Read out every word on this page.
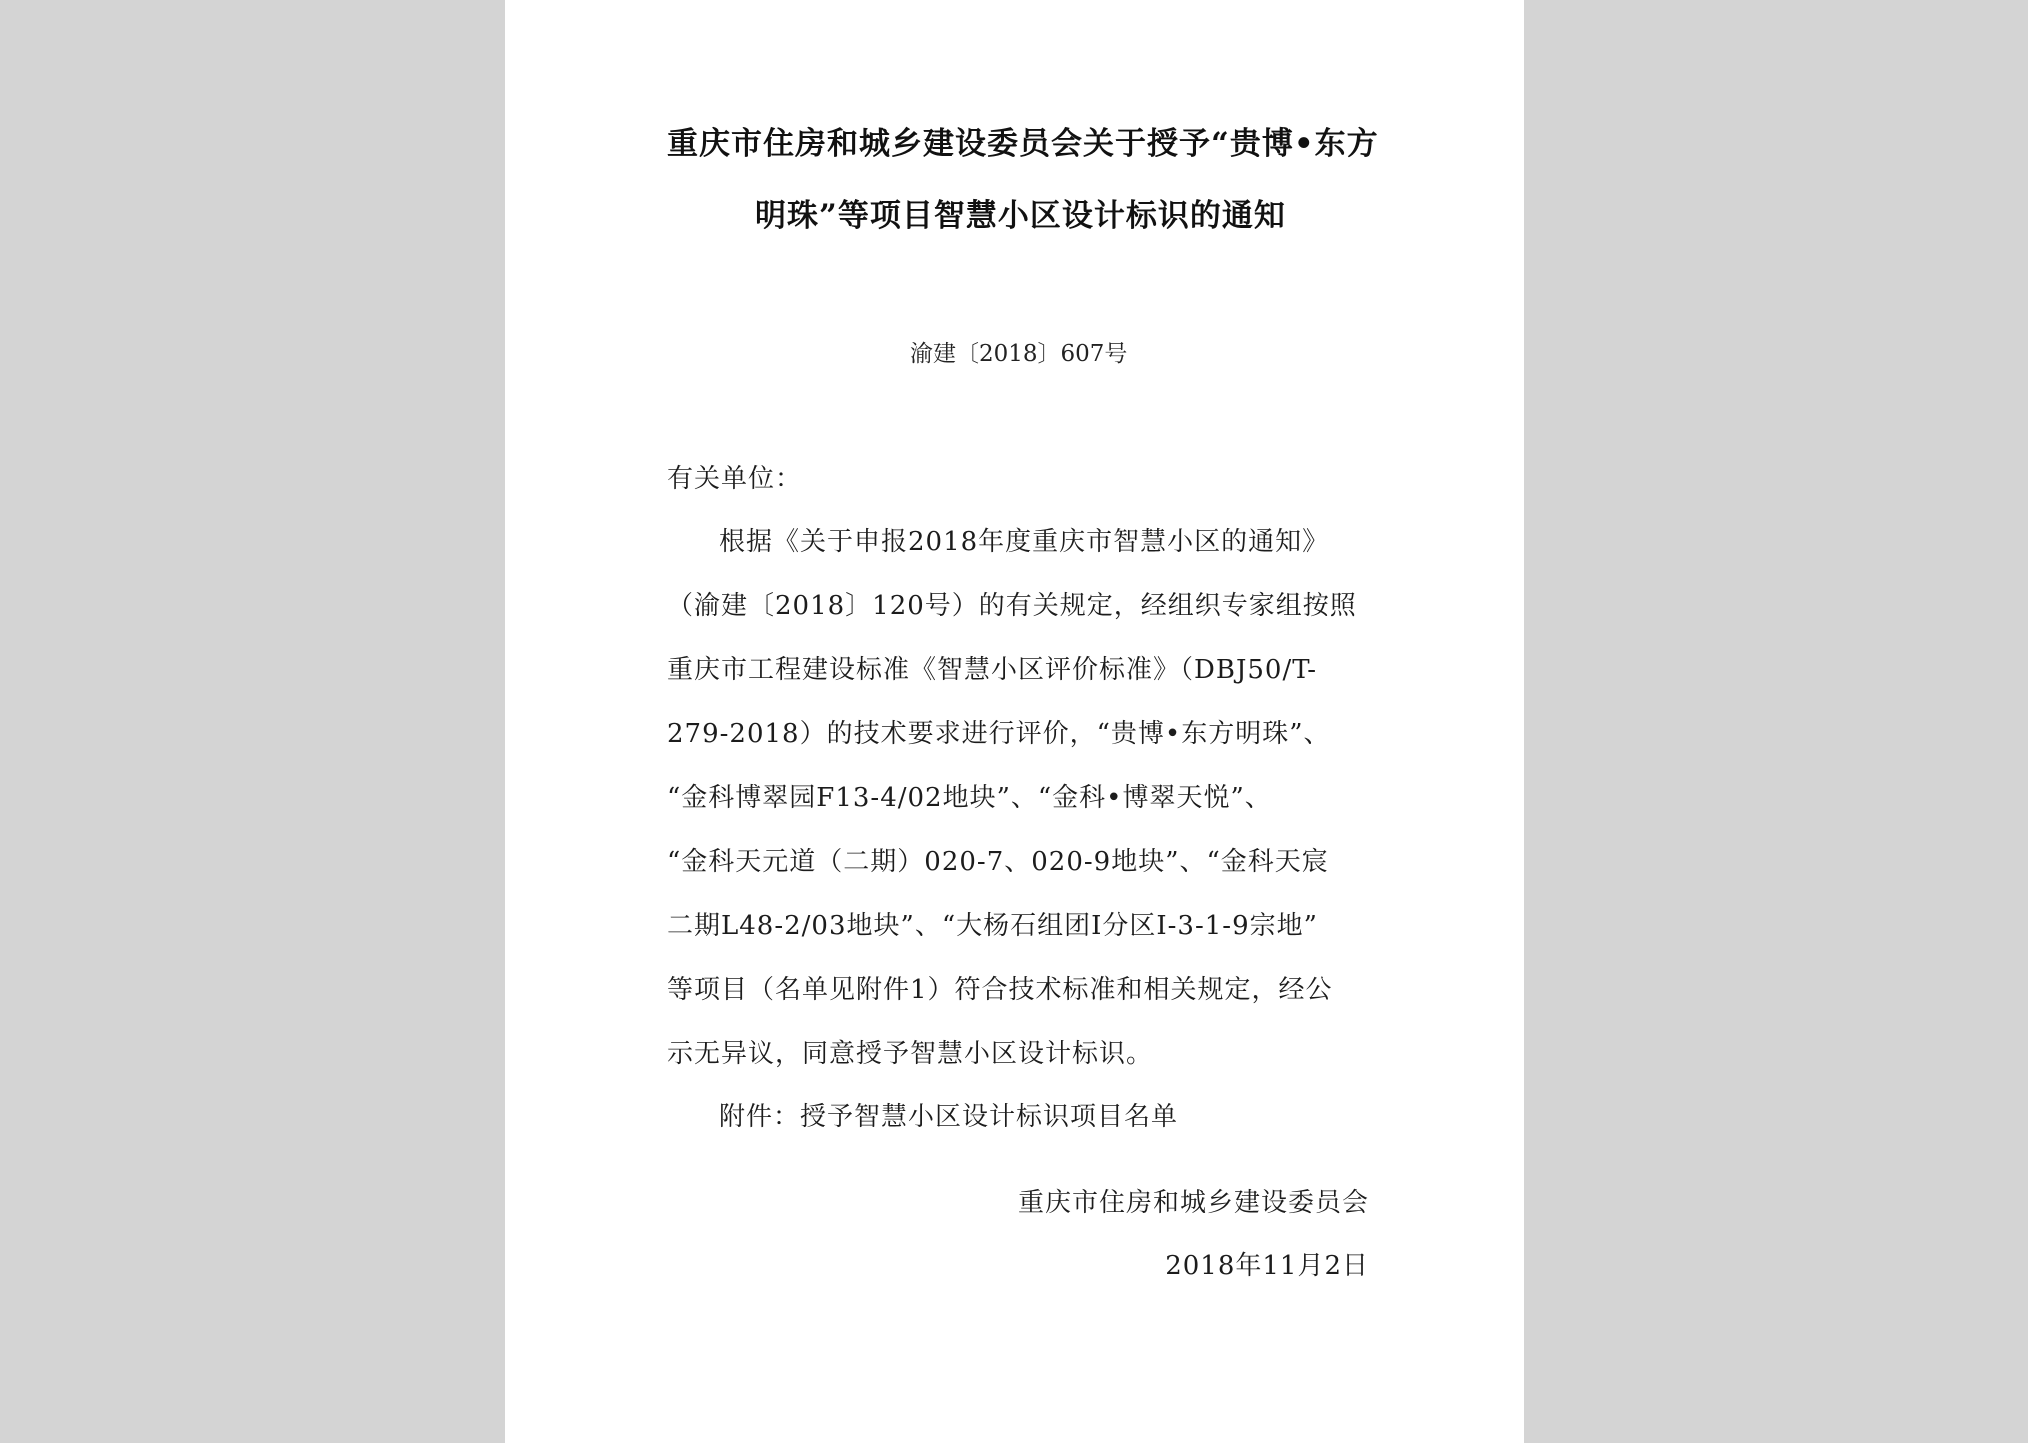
重庆市住房和城乡建设委员会关于授予“贵博•东方
明珠”等项目智慧小区设计标识的通知
渝建〔2018〕607号
有关单位：
根据《关于申报2018年度重庆市智慧小区的通知》
（渝建〔2018〕120号）的有关规定，经组织专家组按照
重庆市工程建设标准《智慧小区评价标准》（DBJ50/T-
279-2018）的技术要求进行评价，“贵博•东方明珠”、
“金科博翠园F13-4/02地块”、“金科•博翠天悦”、
“金科天元道（二期）020-7、020-9地块”、“金科天宸
二期L48-2/03地块”、“大杨石组团I分区I-3-1-9宗地”
等项目（名单见附件1）符合技术标准和相关规定，经公
示无异议，同意授予智慧小区设计标识。
附件：授予智慧小区设计标识项目名单
重庆市住房和城乡建设委员会
2018年11月2日
